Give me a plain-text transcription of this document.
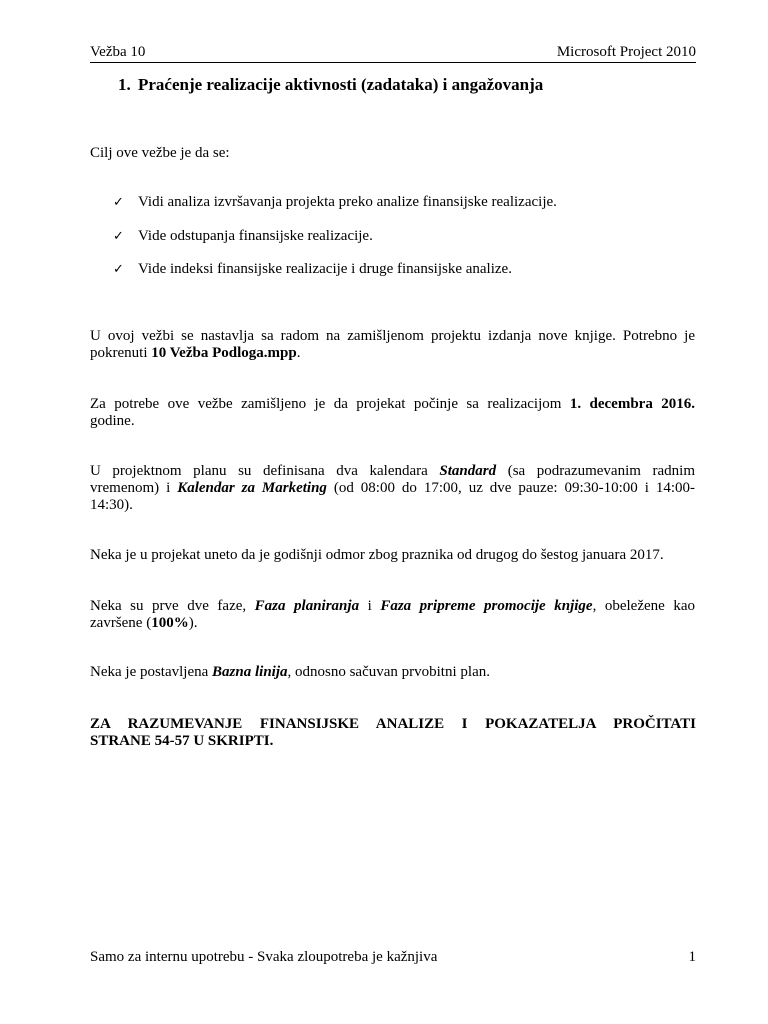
Vežba 10	Microsoft Project 2010
1. Praćenje realizacije aktivnosti (zadataka) i angažovanja
Cilj ove vežbe je da se:
✓ Vidi analiza izvršavanja projekta preko analize finansijske realizacije.
✓ Vide odstupanja finansijske realizacije.
✓ Vide indeksi finansijske realizacije i druge finansijske analize.
U ovoj vežbi se nastavlja sa radom na zamišljenom projektu izdanja nove knjige. Potrebno je
pokrenuti 10 Vežba Podloga.mpp.
Za potrebe ove vežbe zamišljeno je da projekat počinje sa realizacijom 1. decembra 2016.
godine.
U projektnom planu su definisana dva kalendara Standard (sa podrazumevanim radnim
vremenom) i Kalendar za Marketing (od 08:00 do 17:00, uz dve pauze: 09:30-10:00 i 14:00-
14:30).
Neka je u projekat uneto da je godišnji odmor zbog praznika od drugog do šestog januara 2017.
Neka su prve dve faze, Faza planiranja i Faza pripreme promocije knjige, obeležene kao
završene (100%).
Neka je postavljena Bazna linija, odnosno sačuvan prvobitni plan.
ZA RAZUMEVANJE FINANSIJSKE ANALIZE I POKAZATELJA PROČITATI
STRANE 54-57 U SKRIPTI.
Samo za internu upotrebu - Svaka zloupotreba je kažnjiva	1
